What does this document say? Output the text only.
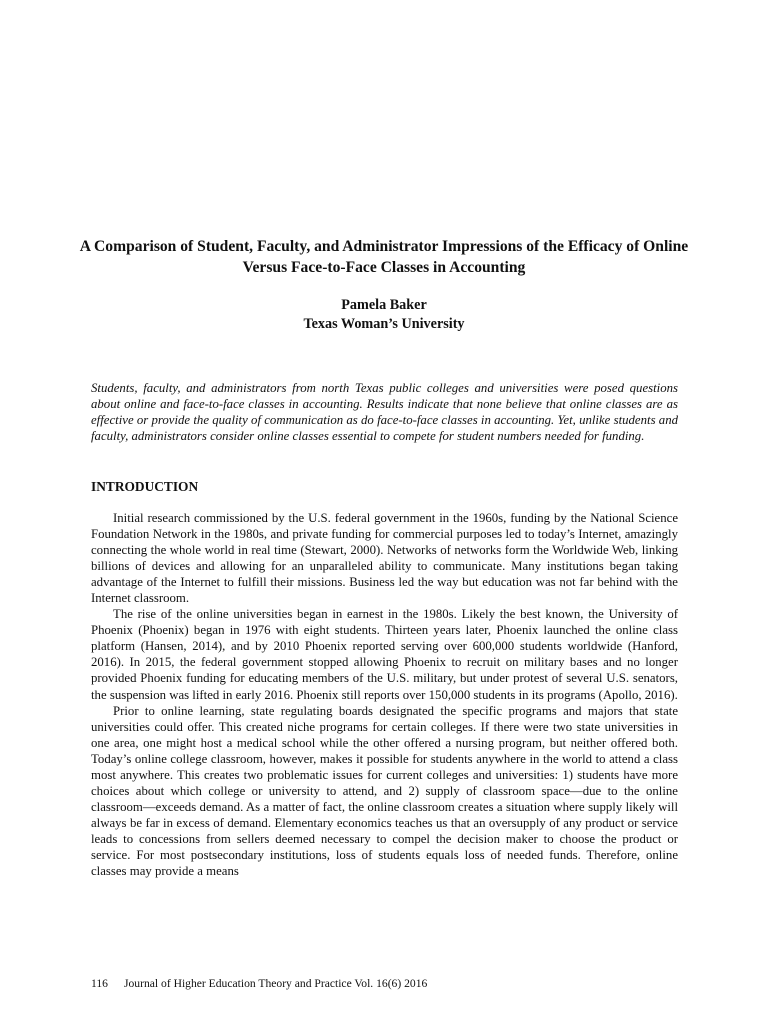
A Comparison of Student, Faculty, and Administrator Impressions of the Efficacy of Online Versus Face-to-Face Classes in Accounting
Pamela Baker
Texas Woman’s University

Students, faculty, and administrators from north Texas public colleges and universities were posed questions about online and face-to-face classes in accounting. Results indicate that none believe that online classes are as effective or provide the quality of communication as do face-to-face classes in accounting. Yet, unlike students and faculty, administrators consider online classes essential to compete for student numbers needed for funding.

INTRODUCTION

Initial research commissioned by the U.S. federal government in the 1960s, funding by the National Science Foundation Network in the 1980s, and private funding for commercial purposes led to today’s Internet, amazingly connecting the whole world in real time (Stewart, 2000). Networks of networks form the Worldwide Web, linking billions of devices and allowing for an unparalleled ability to communicate. Many institutions began taking advantage of the Internet to fulfill their missions. Business led the way but education was not far behind with the Internet classroom.

The rise of the online universities began in earnest in the 1980s. Likely the best known, the University of Phoenix (Phoenix) began in 1976 with eight students. Thirteen years later, Phoenix launched the online class platform (Hansen, 2014), and by 2010 Phoenix reported serving over 600,000 students worldwide (Hanford, 2016). In 2015, the federal government stopped allowing Phoenix to recruit on military bases and no longer provided Phoenix funding for educating members of the U.S. military, but under protest of several U.S. senators, the suspension was lifted in early 2016. Phoenix still reports over 150,000 students in its programs (Apollo, 2016).

Prior to online learning, state regulating boards designated the specific programs and majors that state universities could offer. This created niche programs for certain colleges. If there were two state universities in one area, one might host a medical school while the other offered a nursing program, but neither offered both. Today’s online college classroom, however, makes it possible for students anywhere in the world to attend a class most anywhere. This creates two problematic issues for current colleges and universities: 1) students have more choices about which college or university to attend, and 2) supply of classroom space—due to the online classroom—exceeds demand. As a matter of fact, the online classroom creates a situation where supply likely will always be far in excess of demand. Elementary economics teaches us that an oversupply of any product or service leads to concessions from sellers deemed necessary to compel the decision maker to choose the product or service. For most postsecondary institutions, loss of students equals loss of needed funds. Therefore, online classes may provide a means

116 Journal of Higher Education Theory and Practice Vol. 16(6) 2016
